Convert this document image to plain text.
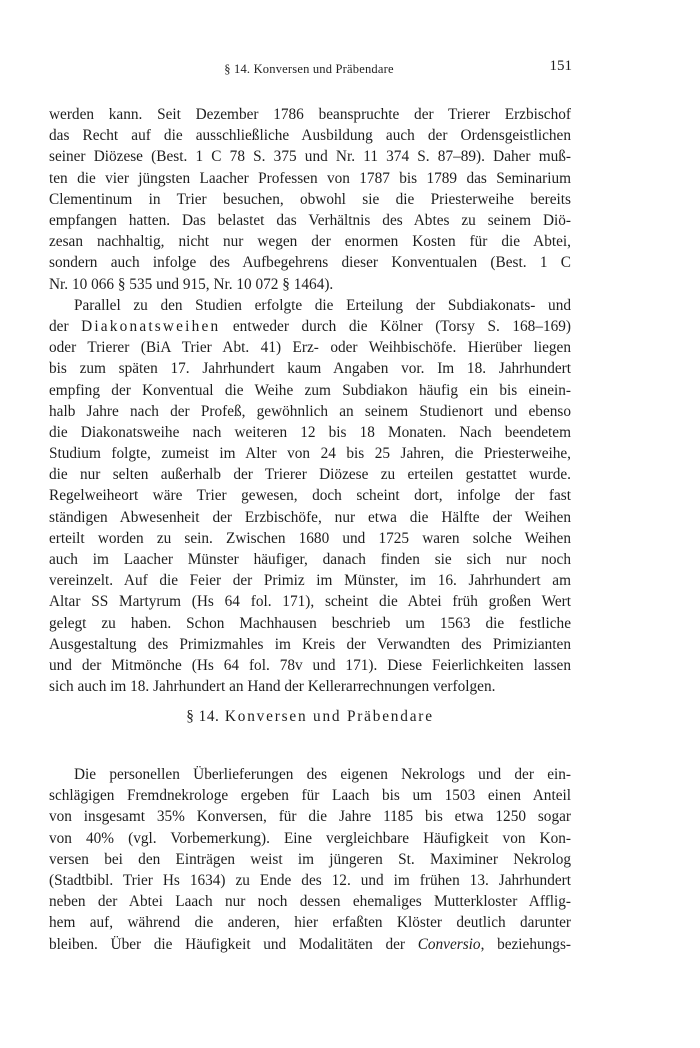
§ 14. Konversen und Präbendare	151
werden kann. Seit Dezember 1786 beanspruchte der Trierer Erzbischof
das Recht auf die ausschließliche Ausbildung auch der Ordensgeistlichen
seiner Diözese (Best. 1 C 78 S. 375 und Nr. 11 374 S. 87–89). Daher muß-
ten die vier jüngsten Laacher Professen von 1787 bis 1789 das Seminarium
Clementinum in Trier besuchen, obwohl sie die Priesterweihe bereits
empfangen hatten. Das belastet das Verhältnis des Abtes zu seinem Diö-
zesan nachhaltig, nicht nur wegen der enormen Kosten für die Abtei,
sondern auch infolge des Aufbegehrens dieser Konventualen (Best. 1 C
Nr. 10 066 § 535 und 915, Nr. 10 072 § 1464).
Parallel zu den Studien erfolgte die Erteilung der Subdiakonats- und
der Diakonatsweihen entweder durch die Kölner (Torsy S. 168–169)
oder Trierer (BiA Trier Abt. 41) Erz- oder Weihbischöfe. Hierüber liegen
bis zum späten 17. Jahrhundert kaum Angaben vor. Im 18. Jahrhundert
empfing der Konventual die Weihe zum Subdiakon häufig ein bis einein-
halb Jahre nach der Profeß, gewöhnlich an seinem Studienort und ebenso
die Diakonatsweihe nach weiteren 12 bis 18 Monaten. Nach beendetem
Studium folgte, zumeist im Alter von 24 bis 25 Jahren, die Priesterweihe,
die nur selten außerhalb der Trierer Diözese zu erteilen gestattet wurde.
Regelweiheort wäre Trier gewesen, doch scheint dort, infolge der fast
ständigen Abwesenheit der Erzbischöfe, nur etwa die Hälfte der Weihen
erteilt worden zu sein. Zwischen 1680 und 1725 waren solche Weihen
auch im Laacher Münster häufiger, danach finden sie sich nur noch
vereinzelt. Auf die Feier der Primiz im Münster, im 16. Jahrhundert am
Altar SS Martyrum (Hs 64 fol. 171), scheint die Abtei früh großen Wert
gelegt zu haben. Schon Machhausen beschrieb um 1563 die festliche
Ausgestaltung des Primizmahles im Kreis der Verwandten des Primizianten
und der Mitmönche (Hs 64 fol. 78v und 171). Diese Feierlichkeiten lassen
sich auch im 18. Jahrhundert an Hand der Kellerarrechnungen verfolgen.
§ 14. Konversen und Präbendare
Die personellen Überlieferungen des eigenen Nekrologs und der ein-
schlägigen Fremdnekrologe ergeben für Laach bis um 1503 einen Anteil
von insgesamt 35% Konversen, für die Jahre 1185 bis etwa 1250 sogar
von 40% (vgl. Vorbemerkung). Eine vergleichbare Häufigkeit von Kon-
versen bei den Einträgen weist im jüngeren St. Maximiner Nekrolog
(Stadtbibl. Trier Hs 1634) zu Ende des 12. und im frühen 13. Jahrhundert
neben der Abtei Laach nur noch dessen ehemaliges Mutterkloster Afflig-
hem auf, während die anderen, hier erfaßten Klöster deutlich darunter
bleiben. Über die Häufigkeit und Modalitäten der Conversio, beziehungs-
